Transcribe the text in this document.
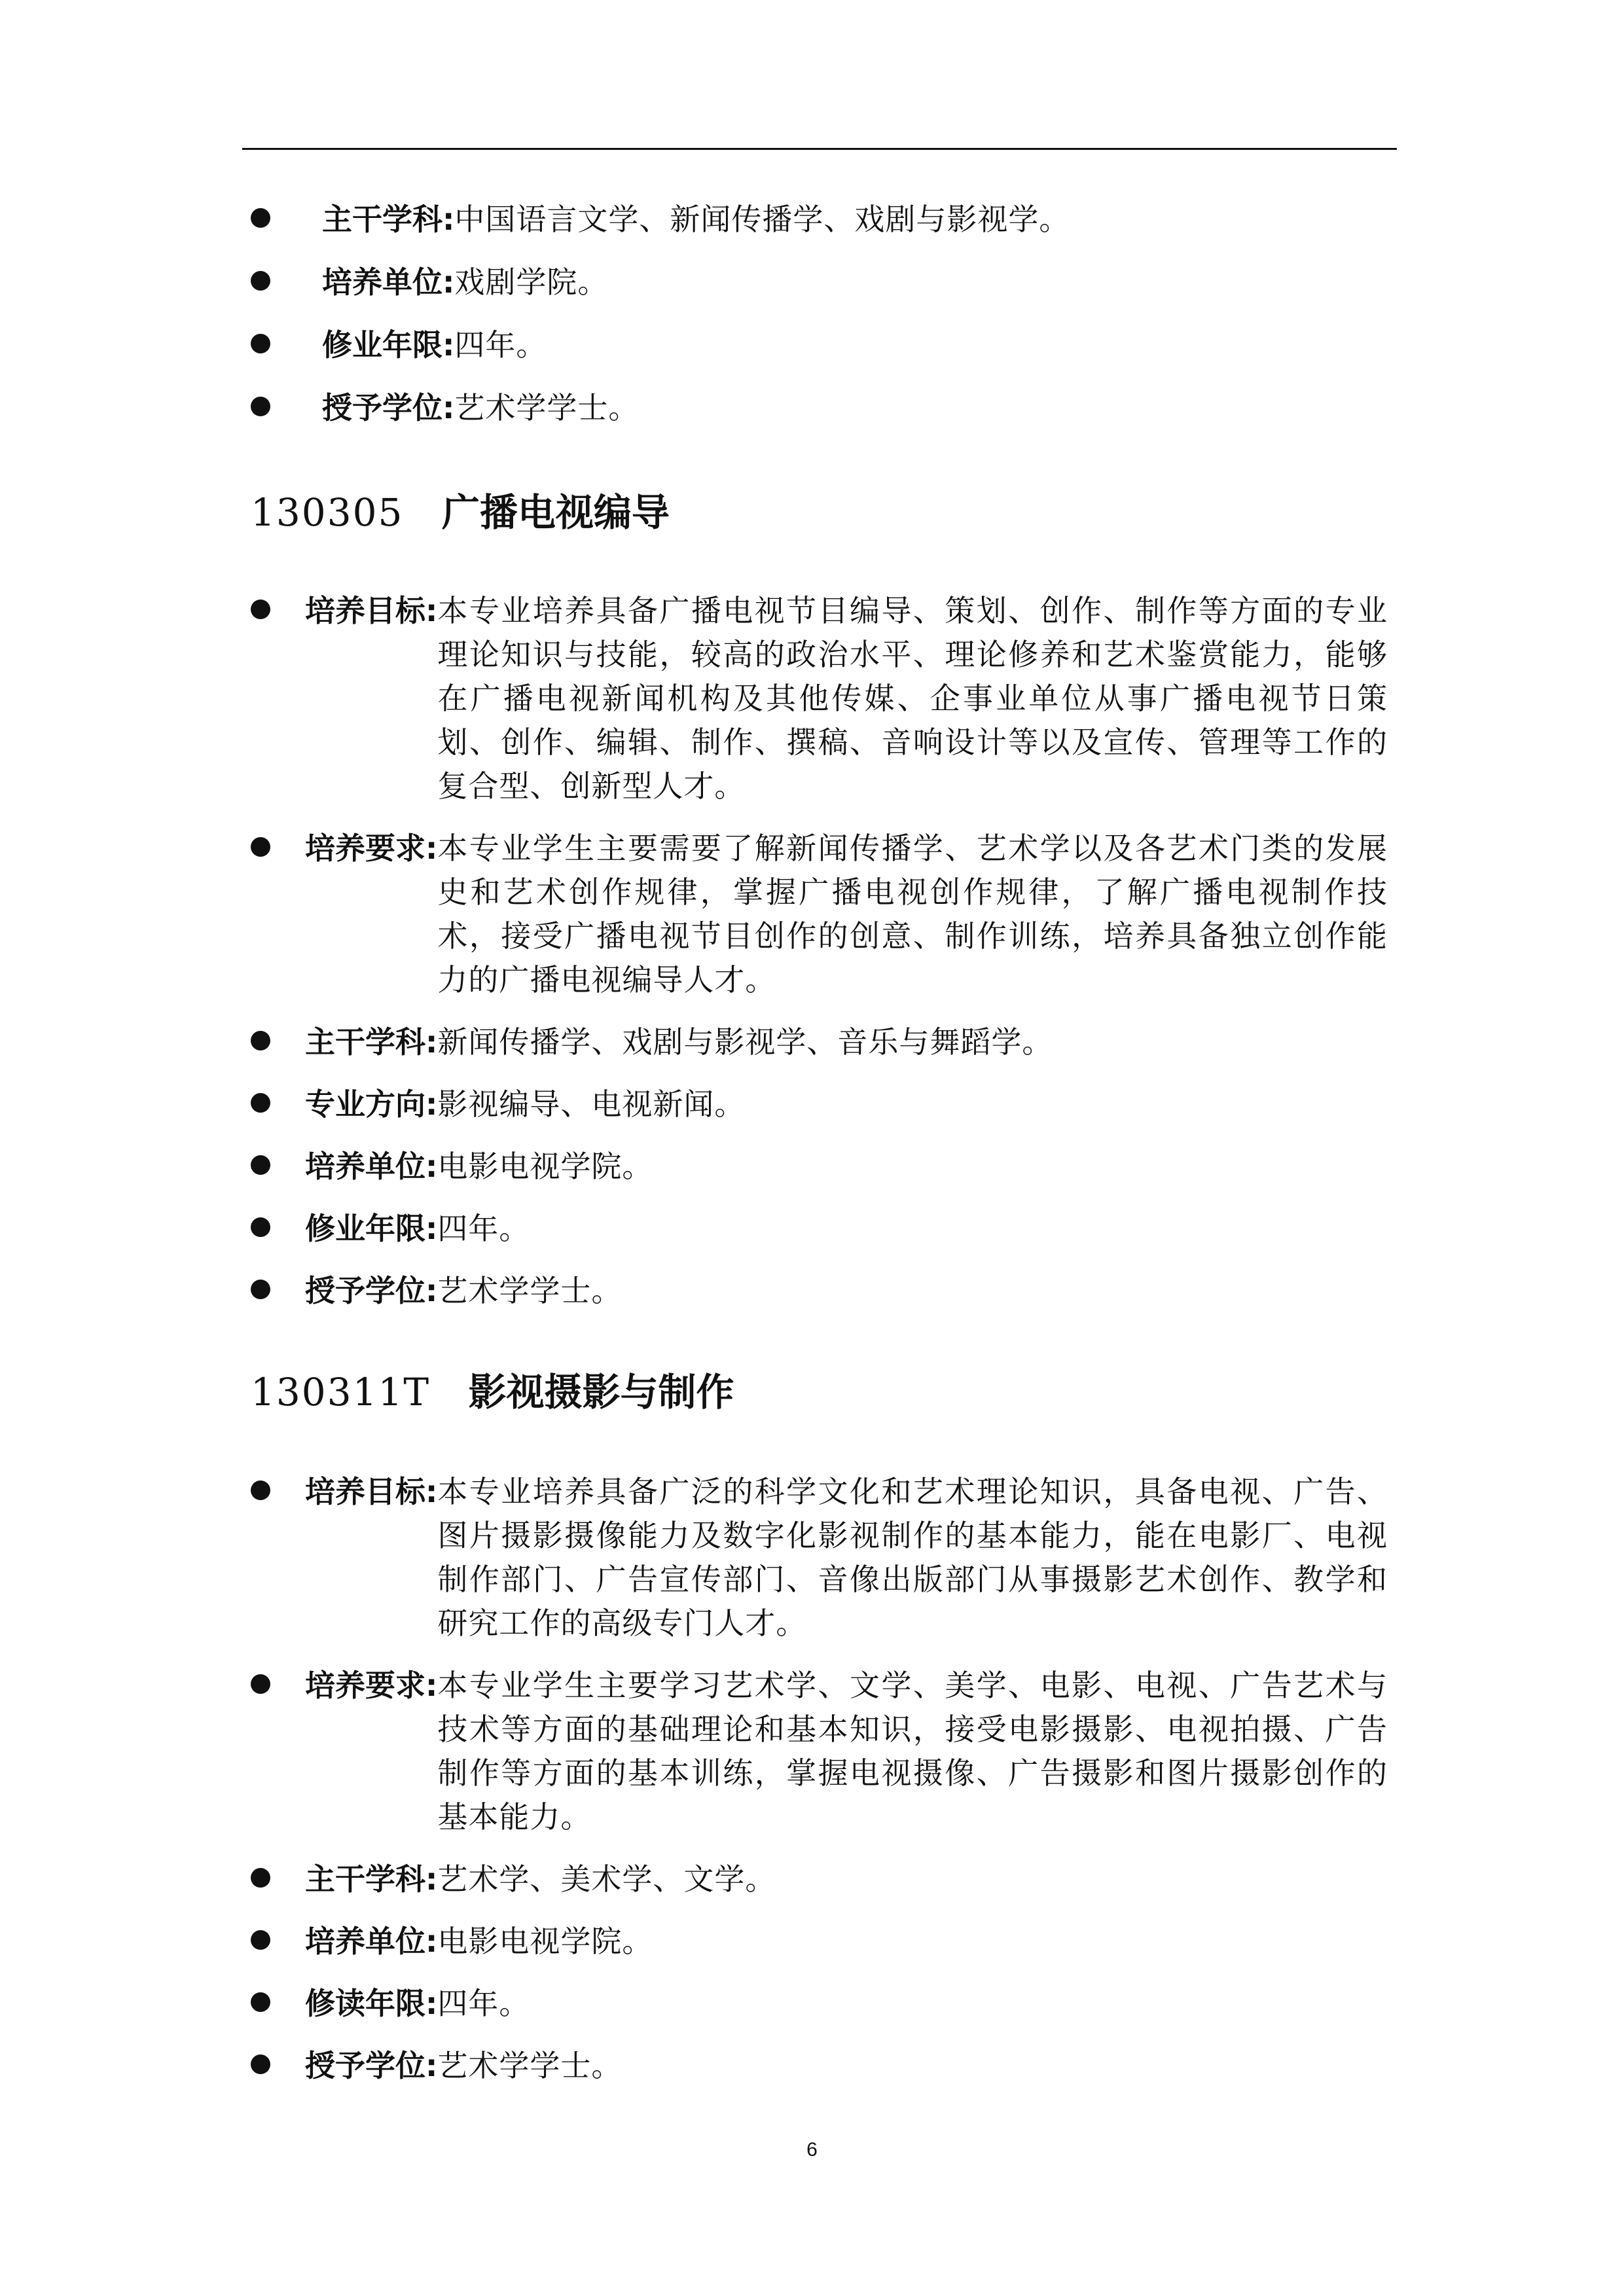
主干学科: 中国语言文学、新闻传播学、戏剧与影视学。
培养单位: 戏剧学院。
修业年限: 四年。
授予学位: 艺术学学士。
130305 广播电视编导
培养目标: 本专业培养具备广播电视节目编导、策划、创作、制作等方面的专业理论知识与技能，较高的政治水平、理论修养和艺术鉴赏能力，能够在广播电视新闻机构及其他传媒、企事业单位从事广播电视节日策划、创作、编辑、制作、撰稿、音响设计等以及宣传、管理等工作的复合型、创新型人才。
培养要求: 本专业学生主要需要了解新闻传播学、艺术学以及各艺术门类的发展史和艺术创作规律，掌握广播电视创作规律，了解广播电视制作技术，接受广播电视节目创作的创意、制作训练，培养具备独立创作能力的广播电视编导人才。
主干学科: 新闻传播学、戏剧与影视学、音乐与舞蹈学。
专业方向: 影视编导、电视新闻。
培养单位: 电影电视学院。
修业年限: 四年。
授予学位: 艺术学学士。
130311T 影视摄影与制作
培养目标: 本专业培养具备广泛的科学文化和艺术理论知识，具备电视、广告、图片摄影摄像能力及数字化影视制作的基本能力，能在电影厂、电视制作部门、广告宣传部门、音像出版部门从事摄影艺术创作、教学和研究工作的高级专门人才。
培养要求: 本专业学生主要学习艺术学、文学、美学、电影、电视、广告艺术与技术等方面的基础理论和基本知识，接受电影摄影、电视拍摄、广告制作等方面的基本训练，掌握电视摄像、广告摄影和图片摄影创作的基本能力。
主干学科: 艺术学、美术学、文学。
培养单位: 电影电视学院。
修读年限: 四年。
授予学位: 艺术学学士。
6
